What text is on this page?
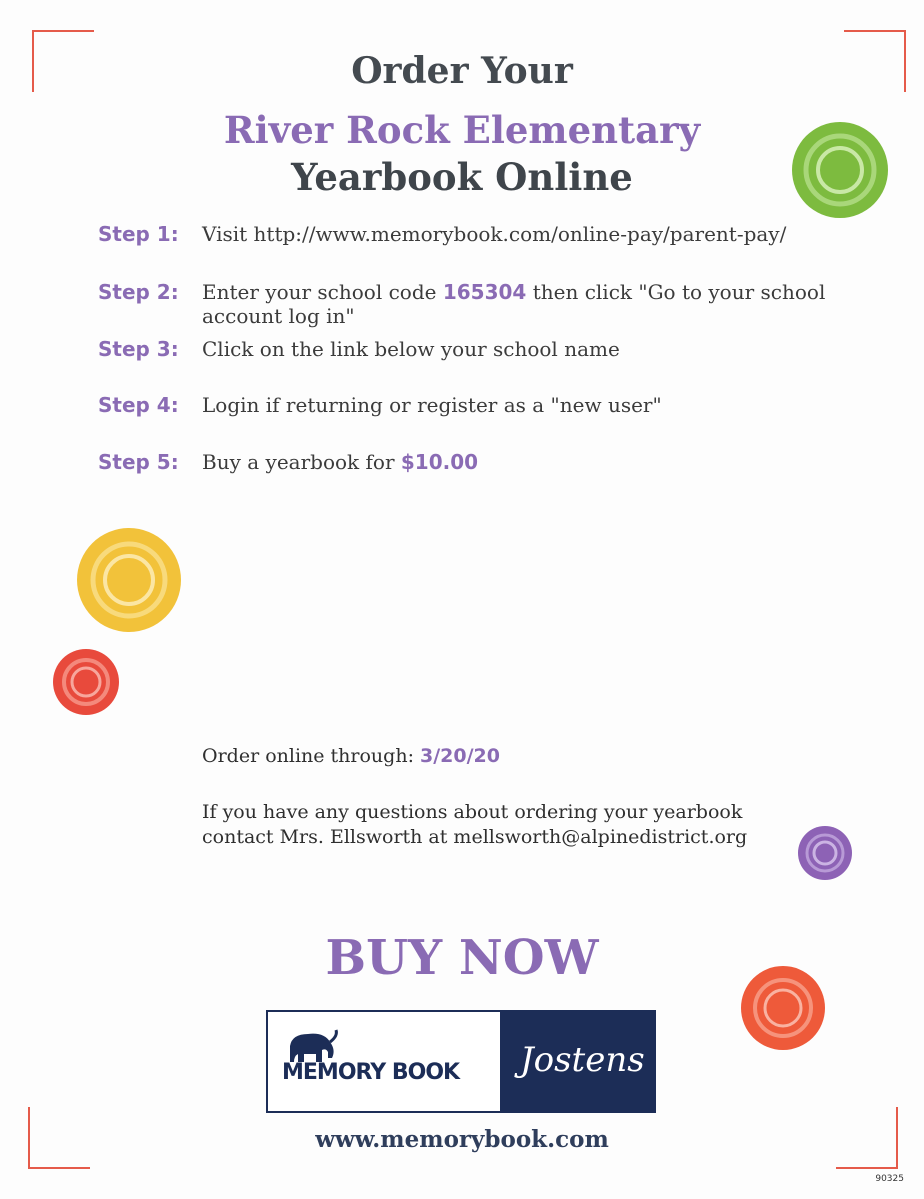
Order Your
River Rock Elementary
Yearbook Online
Step 1: Visit http://www.memorybook.com/online-pay/parent-pay/
Step 2: Enter your school code 165304 then click "Go to your school account log in"
Step 3: Click on the link below your school name
Step 4: Login if returning or register as a "new user"
Step 5: Buy a yearbook for $10.00
Order online through: 3/20/20
If you have any questions about ordering your yearbook
contact Mrs. Ellsworth at mellsworth@alpinedistrict.org
BUY NOW
MEMORY BOOK Jostens
www.memorybook.com
90325
